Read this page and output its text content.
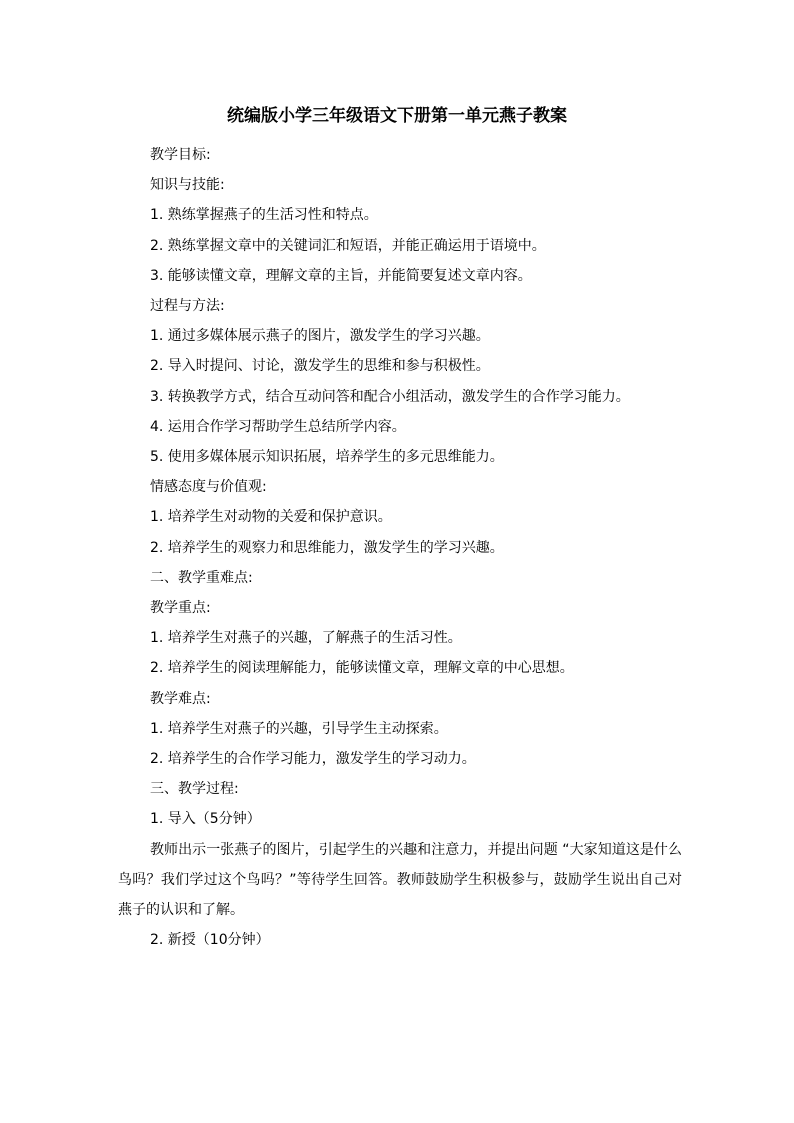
统编版小学三年级语文下册第一单元燕子教案

教学目标:

知识与技能:

1. 熟练掌握燕子的生活习性和特点。

2. 熟练掌握文章中的关键词汇和短语，并能正确运用于语境中。

3. 能够读懂文章，理解文章的主旨，并能简要复述文章内容。

过程与方法:

1. 通过多媒体展示燕子的图片，激发学生的学习兴趣。

2. 导入时提问、讨论，激发学生的思维和参与积极性。

3. 转换教学方式，结合互动问答和配合小组活动，激发学生的合作学习能力。

4. 运用合作学习帮助学生总结所学内容。

5. 使用多媒体展示知识拓展，培养学生的多元思维能力。

情感态度与价值观:

1. 培养学生对动物的关爱和保护意识。

2. 培养学生的观察力和思维能力，激发学生的学习兴趣。

二、教学重难点:

教学重点:

1. 培养学生对燕子的兴趣，了解燕子的生活习性。

2. 培养学生的阅读理解能力，能够读懂文章，理解文章的中心思想。

教学难点:

1. 培养学生对燕子的兴趣，引导学生主动探索。

2. 培养学生的合作学习能力，激发学生的学习动力。

三、教学过程:

1. 导入（5分钟）

教师出示一张燕子的图片，引起学生的兴趣和注意力，并提出问题 “大家知道这是什么鸟吗？我们学过这个鸟吗？”等待学生回答。教师鼓励学生积极参与，鼓励学生说出自己对燕子的认识和了解。

2. 新授（10分钟）
